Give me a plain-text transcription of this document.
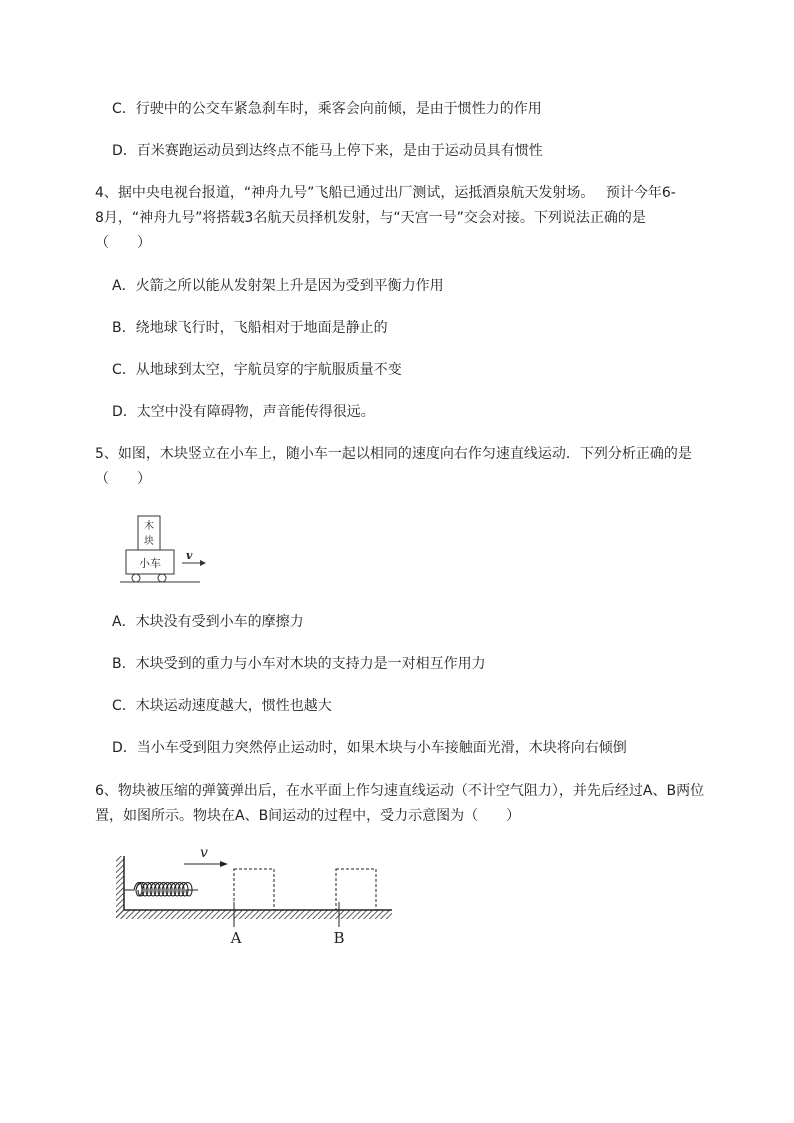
C．行驶中的公交车紧急刹车时，乘客会向前倾，是由于惯性力的作用
D．百米赛跑运动员到达终点不能马上停下来，是由于运动员具有惯性
4、据中央电视台报道，“神舟九号”飞船已通过出厂测试，运抵酒泉航天发射场。　 预计今年6-
8月，“神舟九号”将搭载3名航天员择机发射，与“天宫一号”交会对接。下列说法正确的是
（　　）
A．火箭之所以能从发射架上升是因为受到平衡力作用
B．绕地球飞行时，飞船相对于地面是静止的
C．从地球到太空，宇航员穿的宇航服质量不变
D．太空中没有障碍物，声音能传得很远。
5、如图，木块竖立在小车上，随小车一起以相同的速度向右作匀速直线运动．下列分析正确的是
（　　）
木
块
小车
v
A．木块没有受到小车的摩擦力
B．木块受到的重力与小车对木块的支持力是一对相互作用力
C．木块运动速度越大，惯性也越大
D．当小车受到阻力突然停止运动时，如果木块与小车接触面光滑，木块将向右倾倒
6、物块被压缩的弹簧弹出后，在水平面上作匀速直线运动（不计空气阻力），并先后经过A、B两位
置，如图所示。物块在A、B间运动的过程中，受力示意图为（　　）
v
A	B
